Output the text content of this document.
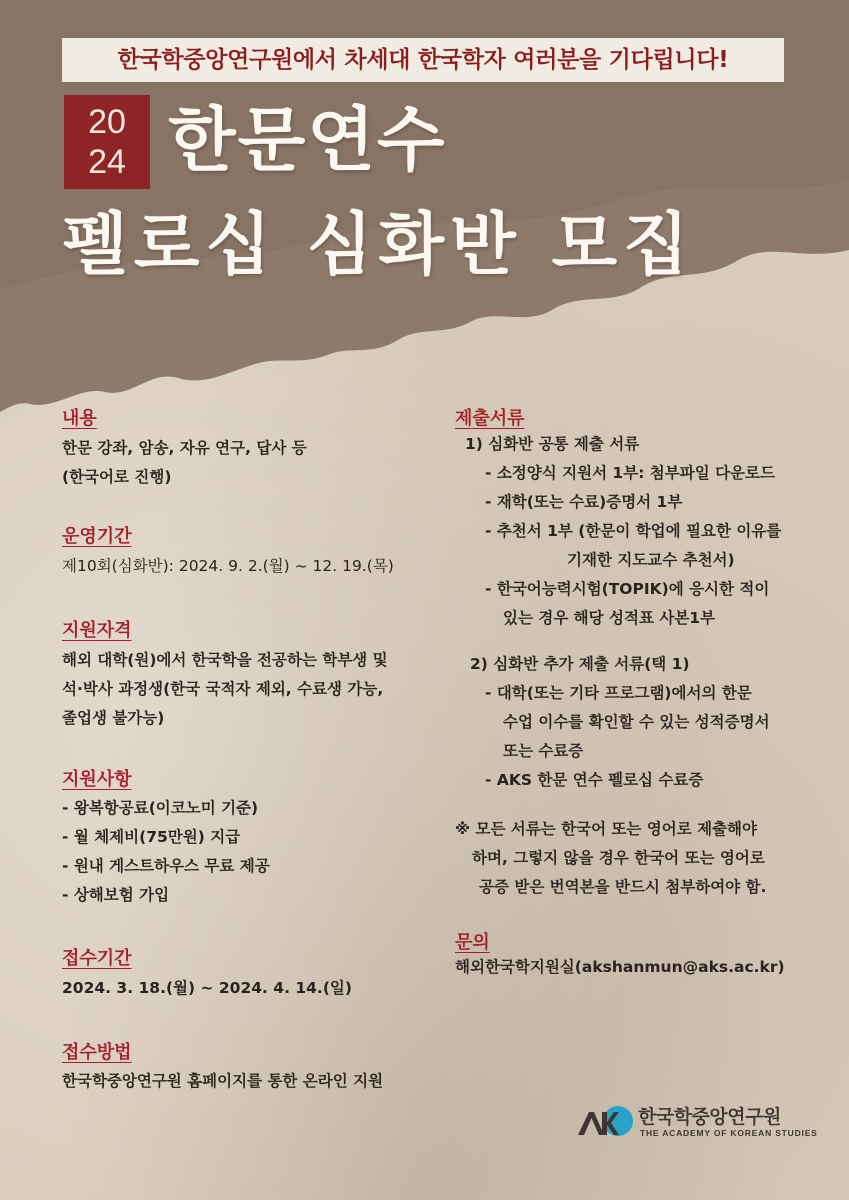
한국학중앙연구원에서 차세대 한국학자 여러분을 기다립니다!
20
24 한문연수
펠로십 심화반 모집
내용
한문 강좌, 암송, 자유 연구, 답사 등
(한국어로 진행)
운영기간
제10회(심화반): 2024. 9. 2.(월) ~ 12. 19.(목)
지원자격
해외 대학(원)에서 한국학을 전공하는 학부생 및
석·박사 과정생(한국 국적자 제외, 수료생 가능,
졸업생 불가능)
지원사항
- 왕복항공료(이코노미 기준)
- 월 체제비(75만원) 지급
- 원내 게스트하우스 무료 제공
- 상해보험 가입
접수기간
2024. 3. 18.(월) ~ 2024. 4. 14.(일)
접수방법
한국학중앙연구원 홈페이지를 통한 온라인 지원
제출서류
1) 심화반 공통 제출 서류
- 소정양식 지원서 1부: 첨부파일 다운로드
- 재학(또는 수료)증명서 1부
- 추천서 1부 (한문이 학업에 필요한 이유를
기재한 지도교수 추천서)
- 한국어능력시험(TOPIK)에 응시한 적이
있는 경우 해당 성적표 사본1부
2) 심화반 추가 제출 서류(택 1)
- 대학(또는 기타 프로그램)에서의 한문
수업 이수를 확인할 수 있는 성적증명서
또는 수료증
- AKS 한문 연수 펠로십 수료증
※ 모든 서류는 한국어 또는 영어로 제출해야
하며, 그렇지 않을 경우 한국어 또는 영어로
공증 받은 번역본을 반드시 첨부하여야 함.
문의
해외한국학지원실(akshanmun@aks.ac.kr)
한국학중앙연구원
THE ACADEMY OF KOREAN STUDIES
